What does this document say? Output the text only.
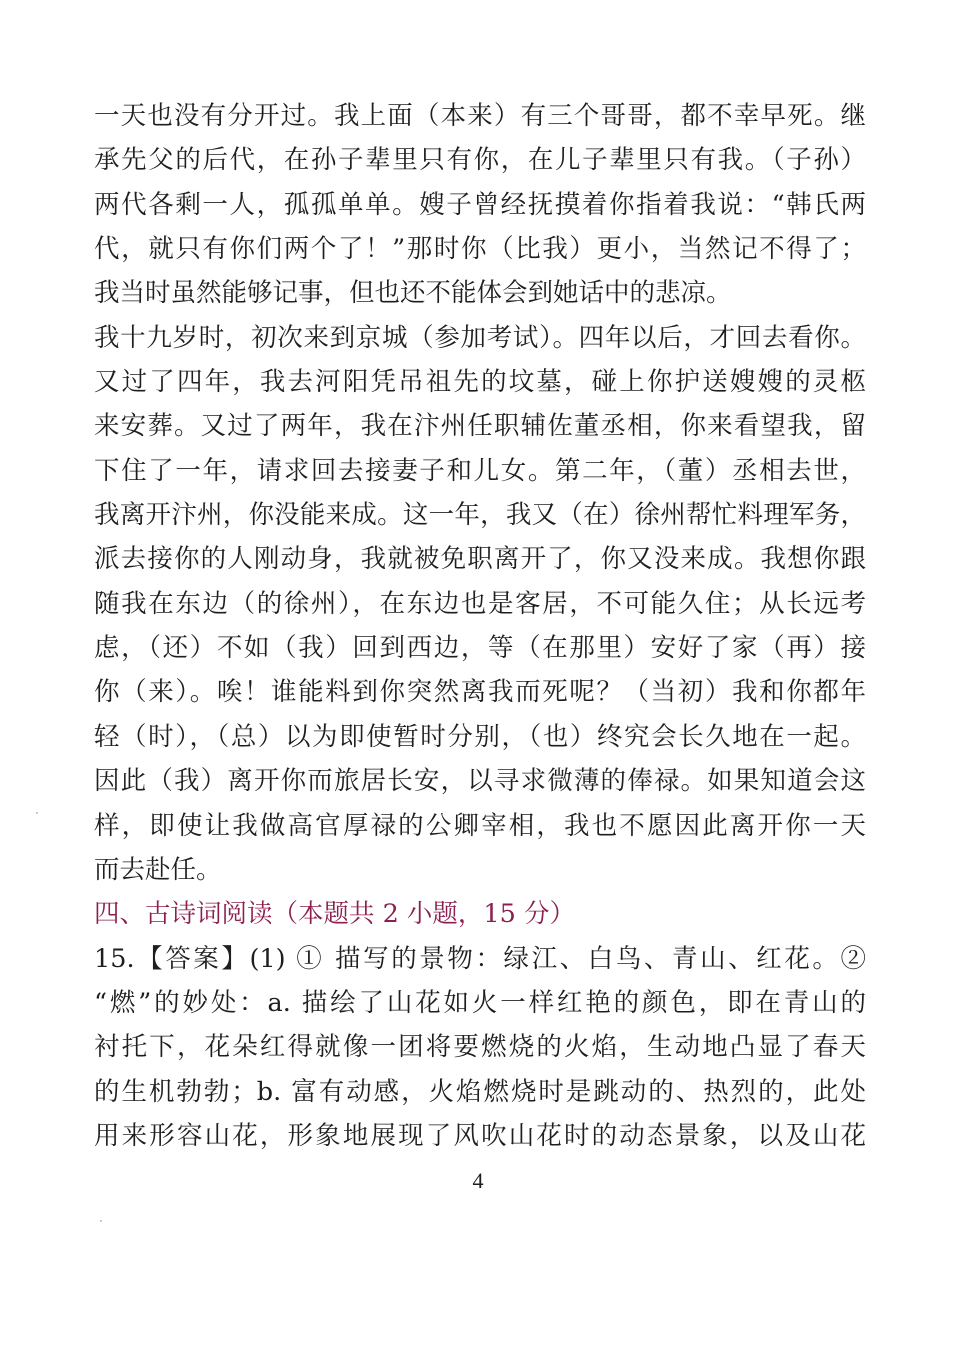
一天也没有分开过。我上面（本来）有三个哥哥，都不幸早死。继
承先父的后代，在孙子辈里只有你，在儿子辈里只有我。（子孙）
两代各剩一人，孤孤单单。嫂子曾经抚摸着你指着我说：“韩氏两
代，就只有你们两个了！”那时你（比我）更小，当然记不得了；
我当时虽然能够记事，但也还不能体会到她话中的悲凉。
我十九岁时，初次来到京城（参加考试）。四年以后，才回去看你。
又过了四年，我去河阳凭吊祖先的坟墓，碰上你护送嫂嫂的灵柩
来安葬。又过了两年，我在汴州任职辅佐董丞相，你来看望我，留
下住了一年，请求回去接妻子和儿女。第二年，（董）丞相去世，
我离开汴州，你没能来成。这一年，我又（在）徐州帮忙料理军务，
派去接你的人刚动身，我就被免职离开了，你又没来成。我想你跟
随我在东边（的徐州），在东边也是客居，不可能久住；从长远考
虑，（还）不如（我）回到西边，等（在那里）安好了家（再）接
你（来）。唉！谁能料到你突然离我而死呢？（当初）我和你都年
轻（时），（总）以为即使暂时分别，（也）终究会长久地在一起。
因此（我）离开你而旅居长安，以寻求微薄的俸禄。如果知道会这
样，即使让我做高官厚禄的公卿宰相，我也不愿因此离开你一天
而去赴任。
四、古诗词阅读（本题共 2 小题，15 分）
15.【答案】(1) ① 描写的景物：绿江、白鸟、青山、红花。②
“燃”的妙处：a. 描绘了山花如火一样红艳的颜色，即在青山的
衬托下，花朵红得就像一团将要燃烧的火焰，生动地凸显了春天
的生机勃勃；b. 富有动感，火焰燃烧时是跳动的、热烈的，此处
用来形容山花，形象地展现了风吹山花时的动态景象，以及山花
4
